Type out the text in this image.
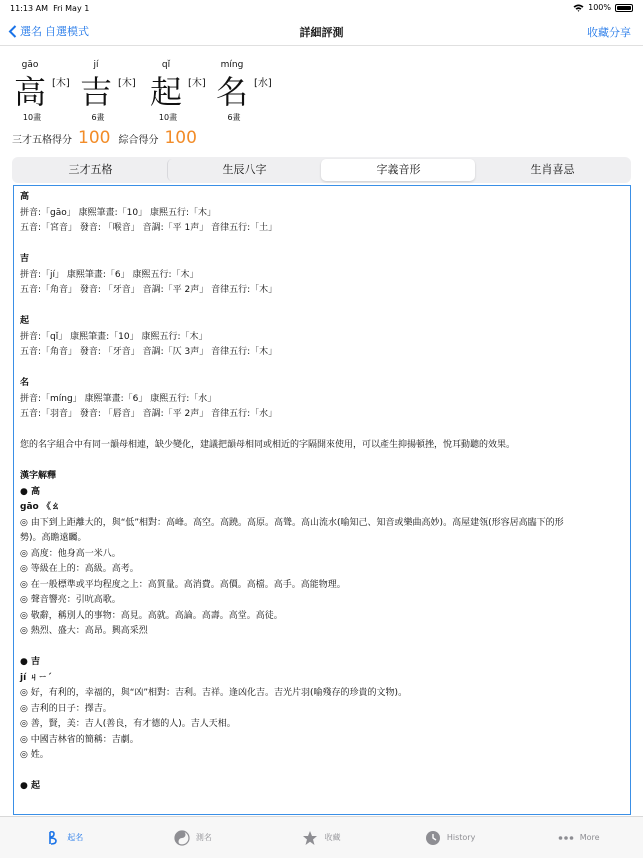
11:13 AM Fri May 1	100%
選名 自選模式	詳細評測	收藏分享
gāo
高 [木]
10畫
jí
吉 [木]
6畫
qǐ
起 [木]
10畫
míng
名 [水]
6畫
三才五格得分 100 綜合得分 100
三才五格	生辰八字	字義音形	生肖喜忌

高

拼音:「gāo」 康熙筆畫:「10」 康熙五行:「木」

五音:「宮音」 發音: 「喉音」 音調:「平 1声」 音律五行:「土」

吉

拼音:「jí」 康熙筆畫:「6」 康熙五行:「木」

五音:「角音」 發音: 「牙音」 音調:「平 2声」 音律五行:「木」

起

拼音:「qǐ」 康熙筆畫:「10」 康熙五行:「木」

五音:「角音」 發音: 「牙音」 音調:「仄 3声」 音律五行:「木」

名

拼音:「míng」 康熙筆畫:「6」 康熙五行:「水」

五音:「羽音」 發音: 「唇音」 音調:「平 2声」 音律五行:「水」

您的名字組合中有同一韻母相連，缺少變化，建議把韻母相同或相近的字隔開來使用，可以產生抑揚頓挫，悅耳動聽的效果。

漢字解釋

● 高

gāo 《ㄠ

◎ 由下到上距離大的，與“低”相對：高峰。高空。高蹺。高原。高聳。高山流水(喻知己、知音或樂曲高妙)。高屋建瓴(形容居高臨下的形

勢)。高瞻遠矚。

◎ 高度：他身高一米八。

◎ 等級在上的：高級。高考。

◎ 在一般標準或平均程度之上：高質量。高消費。高價。高檔。高手。高能物理。

◎ 聲音響亮：引吭高歌。

◎ 敬辭，稱別人的事物：高見。高就。高論。高壽。高堂。高徒。

◎ 熱烈、盛大：高昂。興高采烈

● 吉

jí ㄐㄧˊ

◎ 好，有利的，幸福的，與“凶”相對：吉利。吉祥。逢凶化吉。吉光片羽(喻殘存的珍貴的文物)。

◎ 吉利的日子：擇吉。

◎ 善，賢，美：吉人(善良，有才德的人)。吉人天相。

◎ 中國吉林省的簡稱：吉劇。

◎ 姓。

● 起

起名	測名	收藏	History	More
